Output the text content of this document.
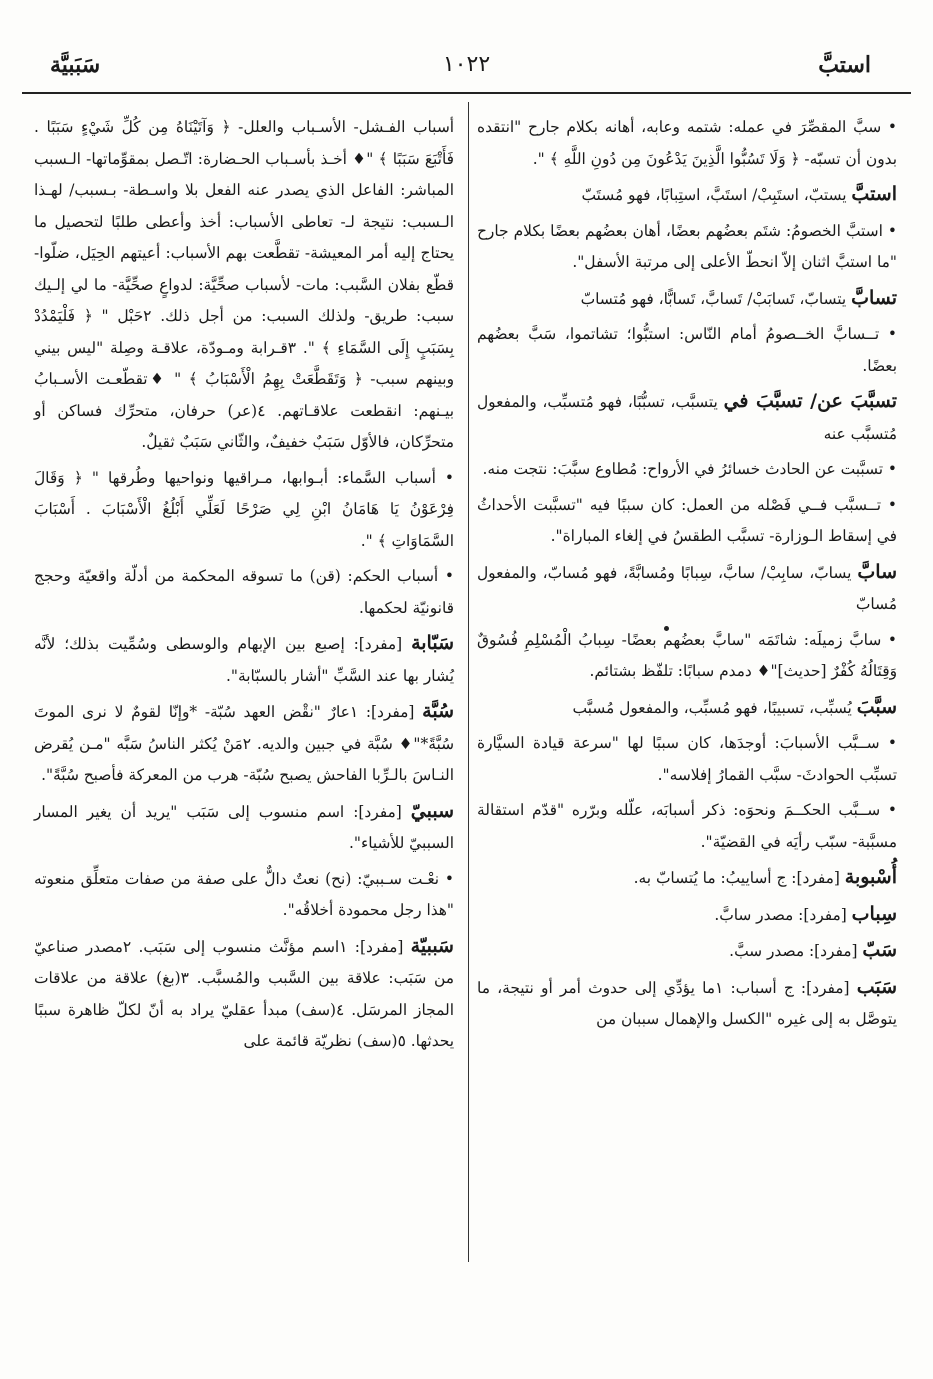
استبَّ
١٠٢٢
سَبَبيَّة

• سبَّ المقصِّرَ في عمله: شتمه وعابه، أهانه بكلام جارح "انتقده بدون أن تسبّه- ﴿ وَلَا تَسُبُّوا الَّذِينَ يَدْعُونَ مِن دُونِ اللَّهِ ﴾ ".

استبَّ يستبّ، استَبِبْ/ استَبَّ، استِبابًا، فهو مُستَبّ

• استبَّ الخصومُ: شتَم بعضُهم بعضًا، أهان بعضُهم بعضًا بكلام جارح "ما استبَّ اثنان إلاّ انحطّ الأعلى إلى مرتبة الأسفل".

تسابَّ يتسابّ، تَسابَبْ/ تَسابَّ، تَسابًّا، فهو مُتسابّ

• تــسابَّ الخــصومُ أمام النّاس: استبُّوا؛ تشاتموا، سَبَّ بعضُهم بعضًا.

تسبَّبَ عن/ تسبَّبَ في يتسبَّب، تسبُّبًا، فهو مُتسبِّب، والمفعول مُتسبَّب عنه

• تسبَّبت عن الحادث خسائرُ في الأرواح: مُطاوع سبَّبَ: نتجت منه.

• تــسبَّب فــي فَصْله من العمل: كان سببًا فيه "تسبَّبت الأحداثُ في إسقاط الـوزارة- تسبَّب الطقسُ في إلغاء المباراة".

سابَّ يسابّ، سابِبْ/ سابَّ، سِبابًا ومُسابَّةً، فهو مُسابّ، والمفعول مُسابّ

• سابَّ زميلَه: شاتَمَه "سابَّ بعضُهم بعضًا- سِبابُ الْمُسْلِمِ فُسُوقٌ وَقِتَالُهُ كُفْرٌ [حديث]"♦ دمدم سبابًا: تلفّظ بشتائم.

سبَّبَ يُسبِّب، تسبيبًا، فهو مُسبِّب، والمفعول مُسبَّب

• ســبَّب الأسبابَ: أوجدَها، كان سببًا لها "سرعة قيادة السيَّارة تسبِّب الحوادثَ- سبَّب القمارُ إفلاسه".

• ســبَّب الحكــمَ ونحوَه: ذكر أسبابَه، علّله وبرّره "قدّم استقالة مسبَّبة- سبّب رأيَه في القضيّة".

أُسْبوبة [مفرد]: ج أساييبُ: ما يُتسابّ به.

سِباب [مفرد]: مصدر سابَّ.

سَبّ [مفرد]: مصدر سبَّ.

سَبَب [مفرد]: ج أسباب: ١ما يؤدِّي إلى حدوث أمر أو نتيجة، ما يتوصَّل به إلى غيره "الكسل والإهمال سببان من

أسباب الفـشل- الأسـباب والعلل- ﴿ وَآتَيْنَاهُ مِن كُلِّ شَيْءٍ سَبَبًا . فَأَتْبَعَ سَبَبًا ﴾ "♦ أخـذ بأسـباب الحـضارة: اتّـصل بمقوِّماتها- الـسبب المباشر: الفاعل الذي يصدر عنه الفعل بلا واسـطة- بـسبب/ لهـذا الـسبب: نتيجة لـ- تعاطى الأسباب: أخذ وأعطى طلبًا لتحصيل ما يحتاج إليه أمر المعيشة- تقطَّعت بهم الأسباب: أعيتهم الحِيَل، ضلّوا- قطّع بفلان السَّبب: مات- لأسباب صحِّيَّة: لدواعٍ صحِّيَّة- ما لي إلـيك سبب: طريق- ولذلك السبب: من أجل ذلك. ٢حَبْل " ﴿ فَلْيَمْدُدْ بِسَبَبٍ إِلَى السَّمَاءِ ﴾ ". ٣قـرابة ومـودّة، علاقـة وصِلة "ليس بيني وبينهم سبب- ﴿ وَتَقَطَّعَتْ بِهِمُ الْأَسْبَابُ ﴾ " ♦تقطّعـت الأسـبابُ بيـنهم: انقطعت علاقـاتهم. ٤(عر) حرفان، متحرِّك فساكن أو متحرِّكان، فالأوّل سَبَبٌ خفيفٌ، والثّاني سَبَبٌ ثقيلٌ.

• أسباب السَّماء: أبـوابها، مـراقيها ونواحيها وطُرقها " ﴿ وَقَالَ فِرْعَوْنُ يَا هَامَانُ ابْنِ لِي صَرْحًا لَعَلِّي أَبْلُغُ الْأَسْبَابَ . أَسْبَابَ السَّمَاوَاتِ ﴾ ".

• أسباب الحكم: (قن) ما تسوقه المحكمة من أدلّة واقعيّة وحجج قانونيّة لحكمها.

سَبّابة [مفرد]: إصبع بين الإبهام والوسطى وسُمِّيت بذلك؛ لأنَّه يُشار بها عند السَّبِّ "أشار بالسبّابة".

سُبَّة [مفرد]: ١عارٌ "نقْض العهد سُبّة- *وإنّا لقومٌ لا نرى الموتَ سُبَّةً*"♦ سُبَّة في جبين والديه. ٢مَنْ يُكثر الناسُ سَبَّه "مـن يُقرض النـاسَ بالـرِّبا الفاحش يصبح سُبّة- هرب من المعركة فأصبح سُبَّةً".

سببيّ [مفرد]: اسم منسوب إلى سَبَب "يريد أن يغير المسار السببيّ للأشياء".

• نعْـت سـببيّ: (نح) نعتٌ دالٌّ على صفة من صفات متعلِّق منعوته "هذا رجل محمودة أخلاقُه".

سَببيّة [مفرد]: ١اسم مؤنَّث منسوب إلى سَبَب. ٢مصدر صناعيّ من سَبَب: علاقة بين السَّبب والمُسبَّب. ٣(بغ) علاقة من علاقات المجاز المرسَل. ٤(سف) مبدأ عقليّ يراد به أنّ لكلّ ظاهرة سببًا يحدثها. ٥(سف) نظريّة قائمة على
